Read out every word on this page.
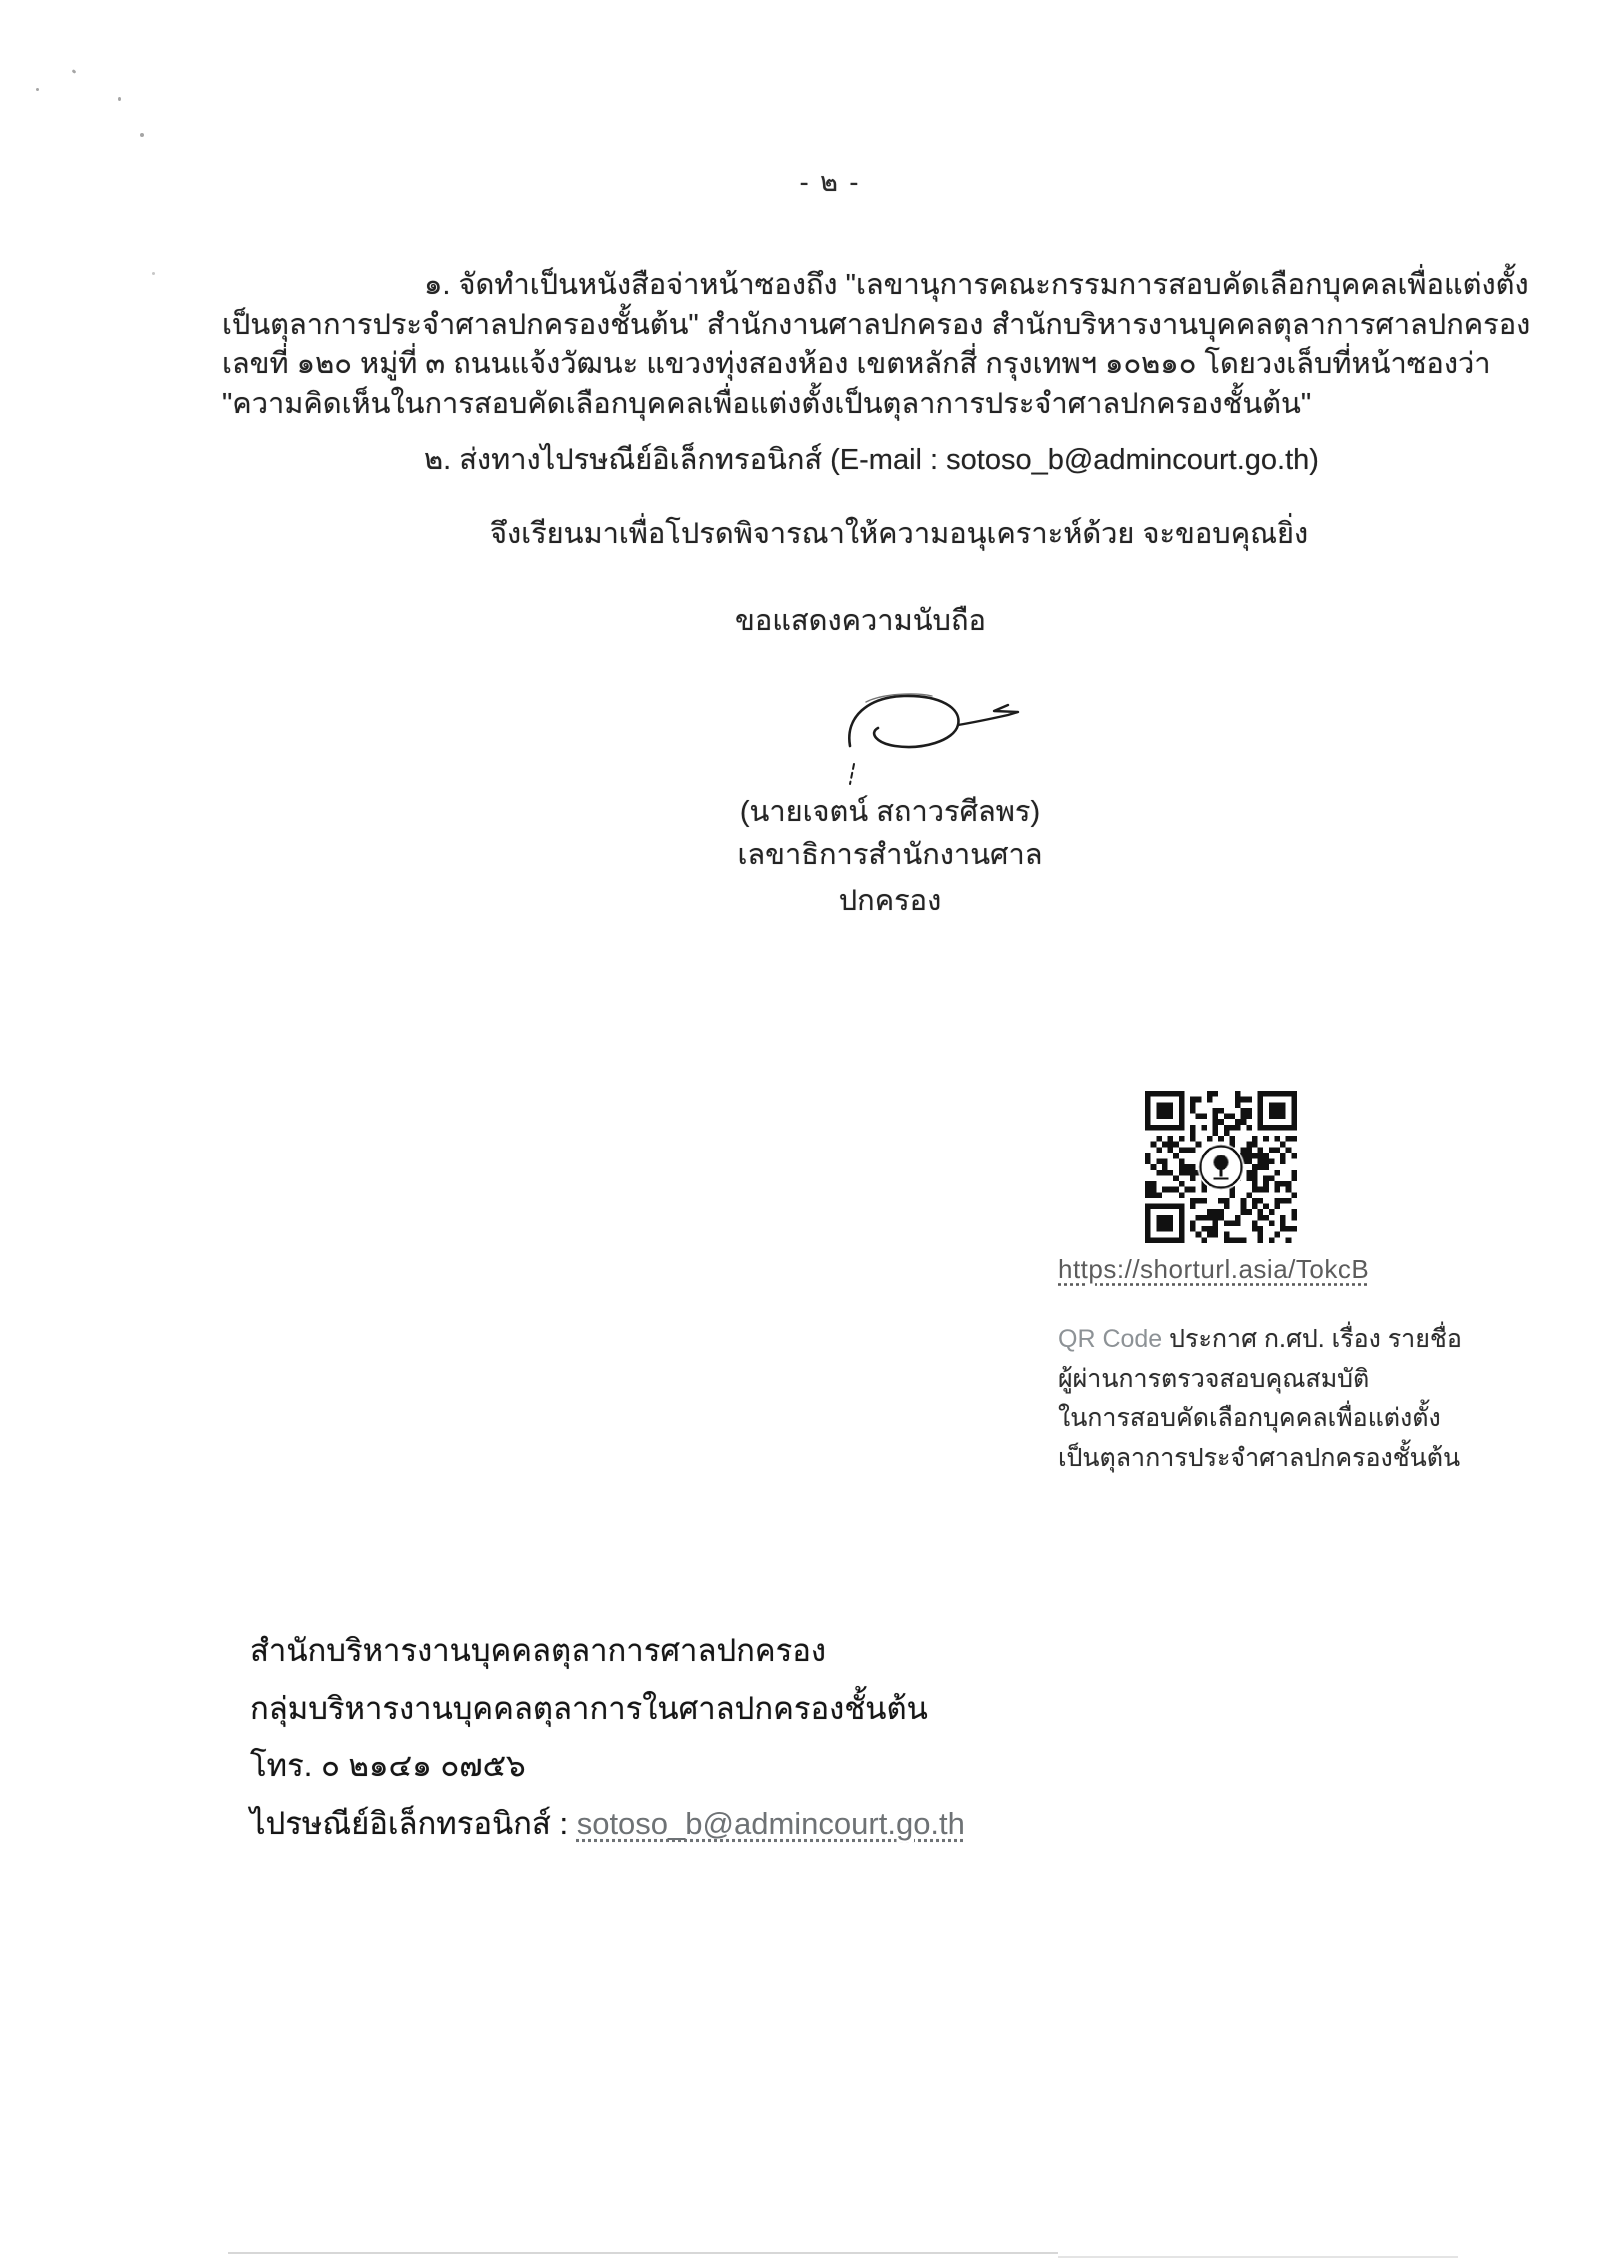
- ๒ -
๑. จัดทำเป็นหนังสือจ่าหน้าซองถึง "เลขานุการคณะกรรมการสอบคัดเลือกบุคคลเพื่อแต่งตั้ง
เป็นตุลาการประจำศาลปกครองชั้นต้น" สำนักงานศาลปกครอง สำนักบริหารงานบุคคลตุลาการศาลปกครอง
เลขที่ ๑๒๐ หมู่ที่ ๓ ถนนแจ้งวัฒนะ แขวงทุ่งสองห้อง เขตหลักสี่ กรุงเทพฯ ๑๐๒๑๐ โดยวงเล็บที่หน้าซองว่า
"ความคิดเห็นในการสอบคัดเลือกบุคคลเพื่อแต่งตั้งเป็นตุลาการประจำศาลปกครองชั้นต้น"
๒. ส่งทางไปรษณีย์อิเล็กทรอนิกส์ (E-mail : sotoso_b@admincourt.go.th)
จึงเรียนมาเพื่อโปรดพิจารณาให้ความอนุเคราะห์ด้วย จะขอบคุณยิ่ง
ขอแสดงความนับถือ
(นายเจตน์ สถาวรศีลพร)
เลขาธิการสำนักงานศาลปกครอง
https://shorturl.asia/TokcB
QR Code ประกาศ ก.ศป. เรื่อง รายชื่อ
ผู้ผ่านการตรวจสอบคุณสมบัติ
ในการสอบคัดเลือกบุคคลเพื่อแต่งตั้ง
เป็นตุลาการประจำศาลปกครองชั้นต้น
สำนักบริหารงานบุคคลตุลาการศาลปกครอง
กลุ่มบริหารงานบุคคลตุลาการในศาลปกครองชั้นต้น
โทร. ๐ ๒๑๔๑ ๐๗๕๖
ไปรษณีย์อิเล็กทรอนิกส์ : sotoso_b@admincourt.go.th
